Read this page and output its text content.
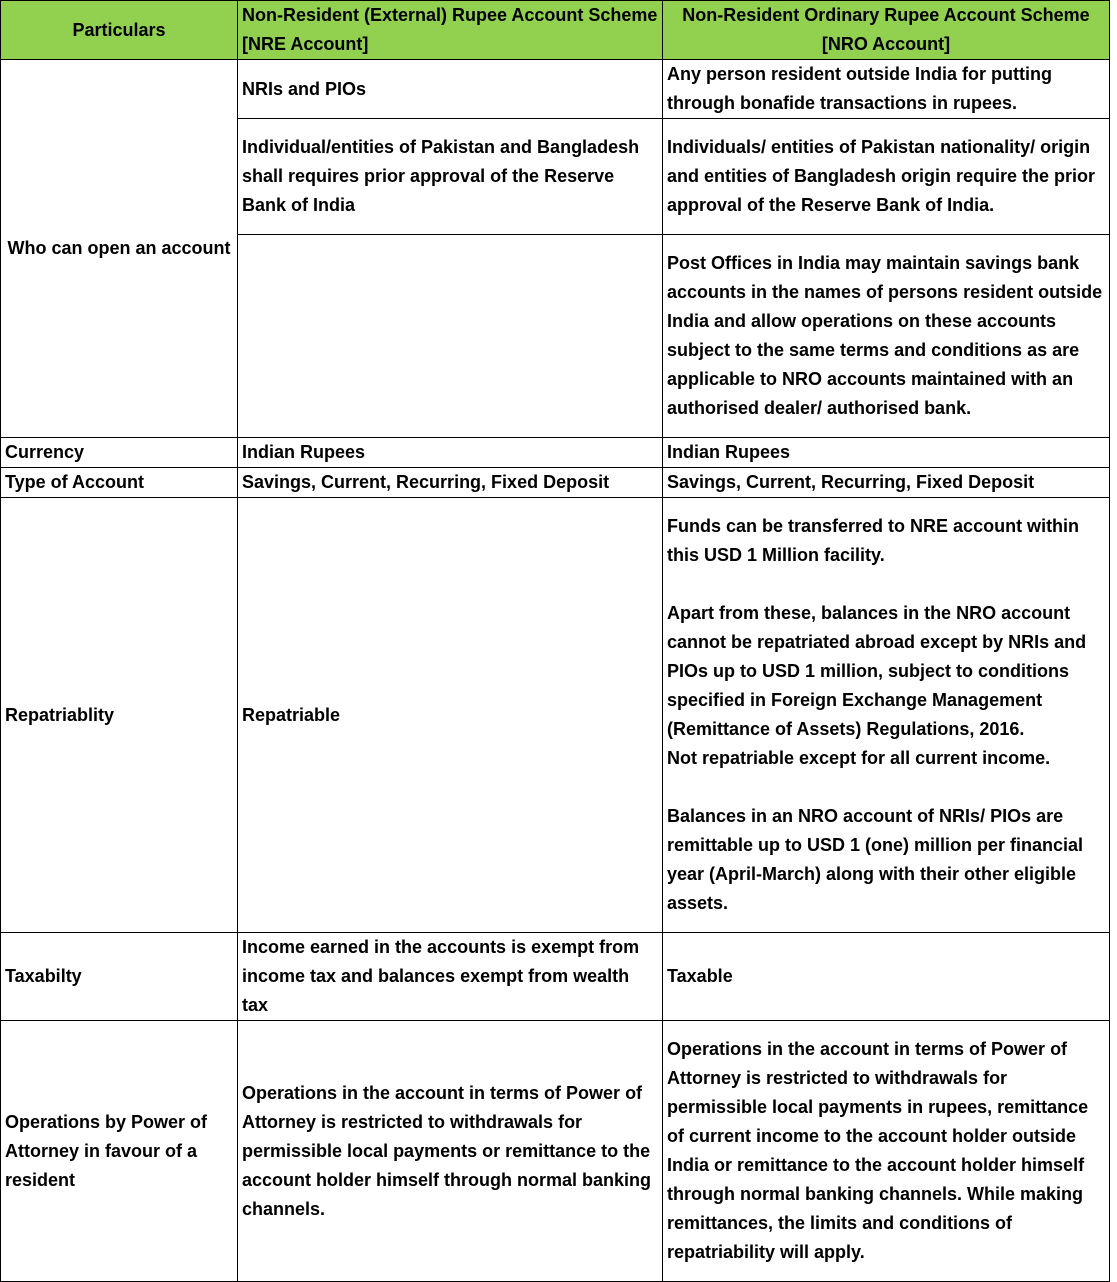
Particulars	Non-Resident (External) Rupee Account Scheme [NRE Account]	Non-Resident Ordinary Rupee Account Scheme [NRO Account]
Who can open an account	NRIs and PIOs	Any person resident outside India for putting through bonafide transactions in rupees.
	Individual/entities of Pakistan and Bangladesh shall requires prior approval of the Reserve Bank of India	Individuals/ entities of Pakistan nationality/ origin and entities of Bangladesh origin require the prior approval of the Reserve Bank of India.
		Post Offices in India may maintain savings bank accounts in the names of persons resident outside India and allow operations on these accounts subject to the same terms and conditions as are applicable to NRO accounts maintained with an authorised dealer/ authorised bank.
Currency	Indian Rupees	Indian Rupees
Type of Account	Savings, Current, Recurring, Fixed Deposit	Savings, Current, Recurring, Fixed Deposit
Repatriablity	Repatriable	Funds can be transferred to NRE account within this USD 1 Million facility.

Apart from these, balances in the NRO account cannot be repatriated abroad except by NRIs and PIOs up to USD 1 million, subject to conditions specified in Foreign Exchange Management (Remittance of Assets) Regulations, 2016.
Not repatriable except for all current income.

Balances in an NRO account of NRIs/ PIOs are remittable up to USD 1 (one) million per financial year (April-March) along with their other eligible assets.
Taxabilty	Income earned in the accounts is exempt from income tax and balances exempt from wealth tax	Taxable
Operations by Power of Attorney in favour of a resident	Operations in the account in terms of Power of Attorney is restricted to withdrawals for permissible local payments or remittance to the account holder himself through normal banking channels.	Operations in the account in terms of Power of Attorney is restricted to withdrawals for permissible local payments in rupees, remittance of current income to the account holder outside India or remittance to the account holder himself through normal banking channels. While making remittances, the limits and conditions of repatriability will apply.
